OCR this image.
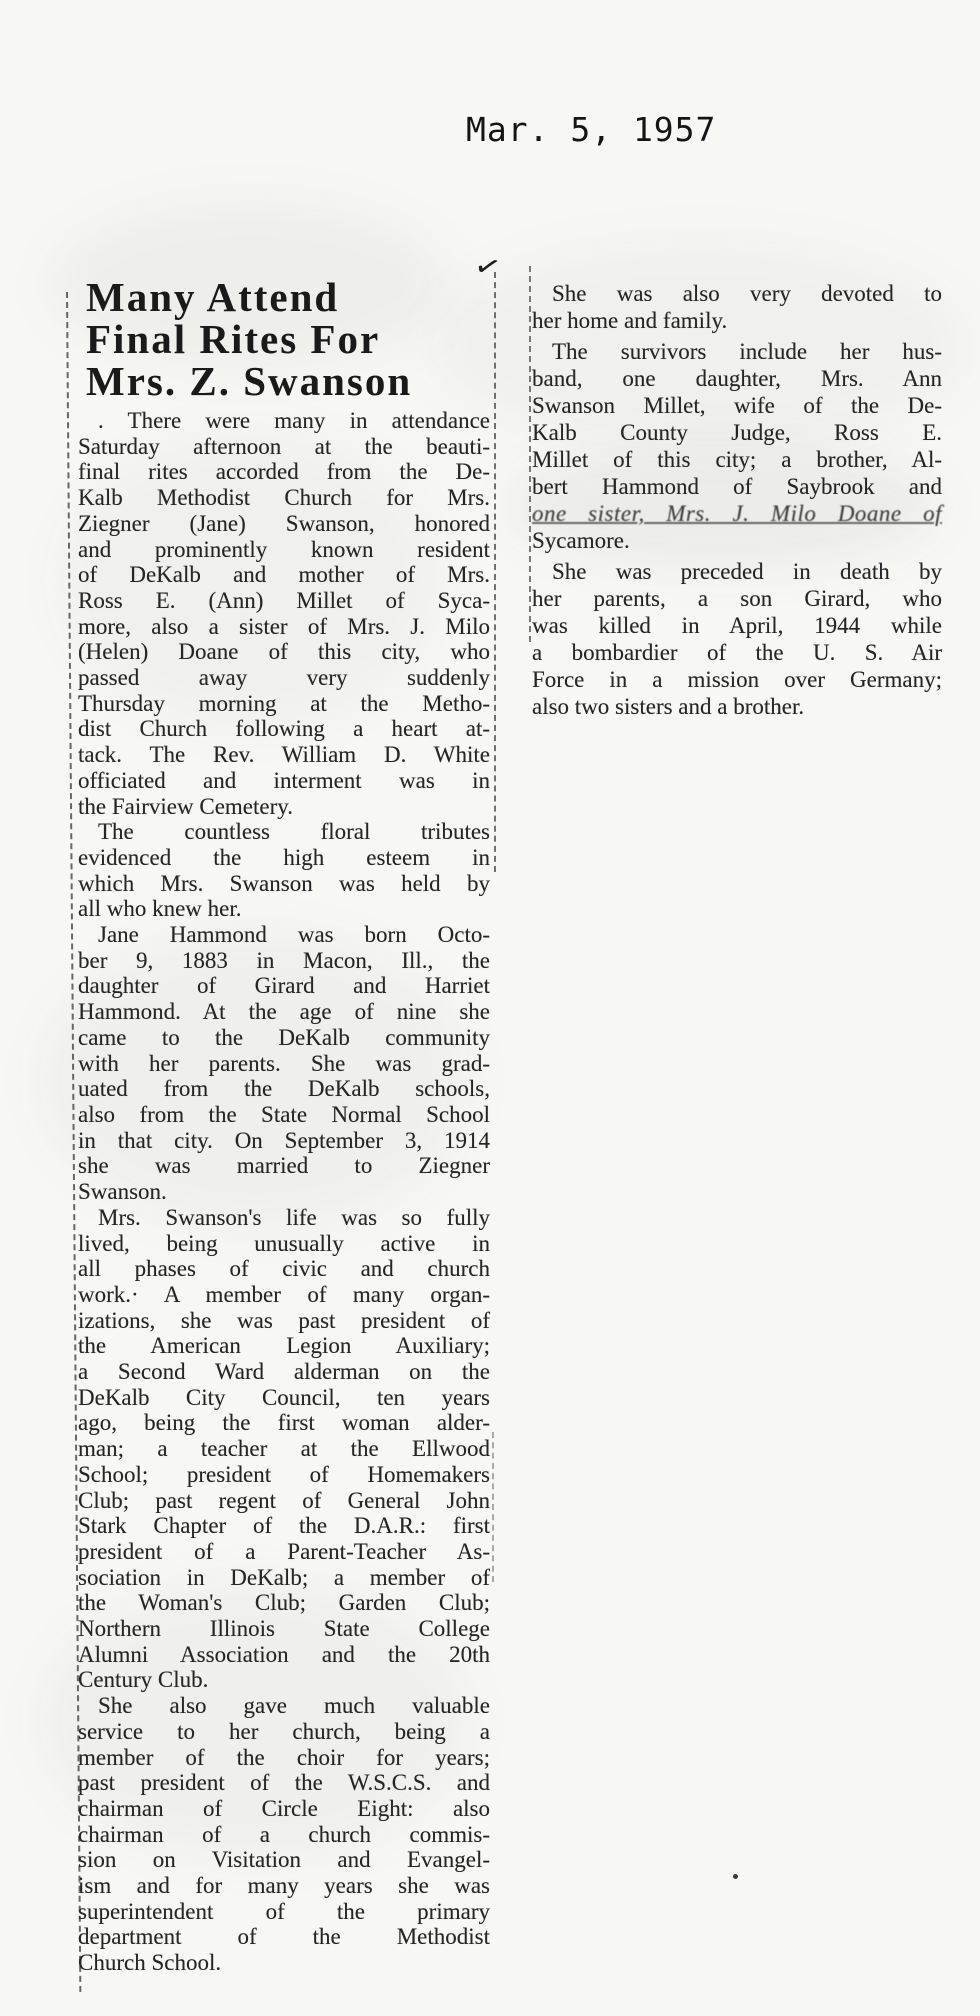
Mar. 5, 1957
✓
Many Attend
Final Rites For
Mrs. Z. Swanson
. There were many in attendance
Saturday afternoon at the beauti-
final rites accorded from the De-
Kalb Methodist Church for Mrs.
Ziegner (Jane) Swanson, honored
and prominently known resident
of DeKalb and mother of Mrs.
Ross E. (Ann) Millet of Syca-
more, also a sister of Mrs. J. Milo
(Helen) Doane of this city, who
passed away very suddenly
Thursday morning at the Metho-
dist Church following a heart at-
tack. The Rev. William D. White
officiated and interment was in
the Fairview Cemetery.
The countless floral tributes
evidenced the high esteem in
which Mrs. Swanson was held by
all who knew her.
Jane Hammond was born Octo-
ber 9, 1883 in Macon, Ill., the
daughter of Girard and Harriet
Hammond. At the age of nine she
came to the DeKalb community
with her parents. She was grad-
uated from the DeKalb schools,
also from the State Normal School
in that city. On September 3, 1914
she was married to Ziegner
Swanson.
Mrs. Swanson's life was so fully
lived, being unusually active in
all phases of civic and church
work.· A member of many organ-
izations, she was past president of
the American Legion Auxiliary;
a Second Ward alderman on the
DeKalb City Council, ten years
ago, being the first woman alder-
man; a teacher at the Ellwood
School; president of Homemakers
Club; past regent of General John
Stark Chapter of the D.A.R.: first
president of a Parent-Teacher As-
sociation in DeKalb; a member of
the Woman's Club; Garden Club;
Northern Illinois State College
Alumni Association and the 20th
Century Club.
She also gave much valuable
service to her church, being a
member of the choir for years;
past president of the W.S.C.S. and
chairman of Circle Eight: also
chairman of a church commis-
sion on Visitation and Evangel-
ism and for many years she was
superintendent of the primary
department of the Methodist
Church School.
She was also very devoted to
her home and family.
The survivors include her hus-
band, one daughter, Mrs. Ann
Swanson Millet, wife of the De-
Kalb County Judge, Ross E.
Millet of this city; a brother, Al-
bert Hammond of Saybrook and
one sister, Mrs. J. Milo Doane of
Sycamore.
She was preceded in death by
her parents, a son Girard, who
was killed in April, 1944 while
a bombardier of the U. S. Air
Force in a mission over Germany;
also two sisters and a brother.
